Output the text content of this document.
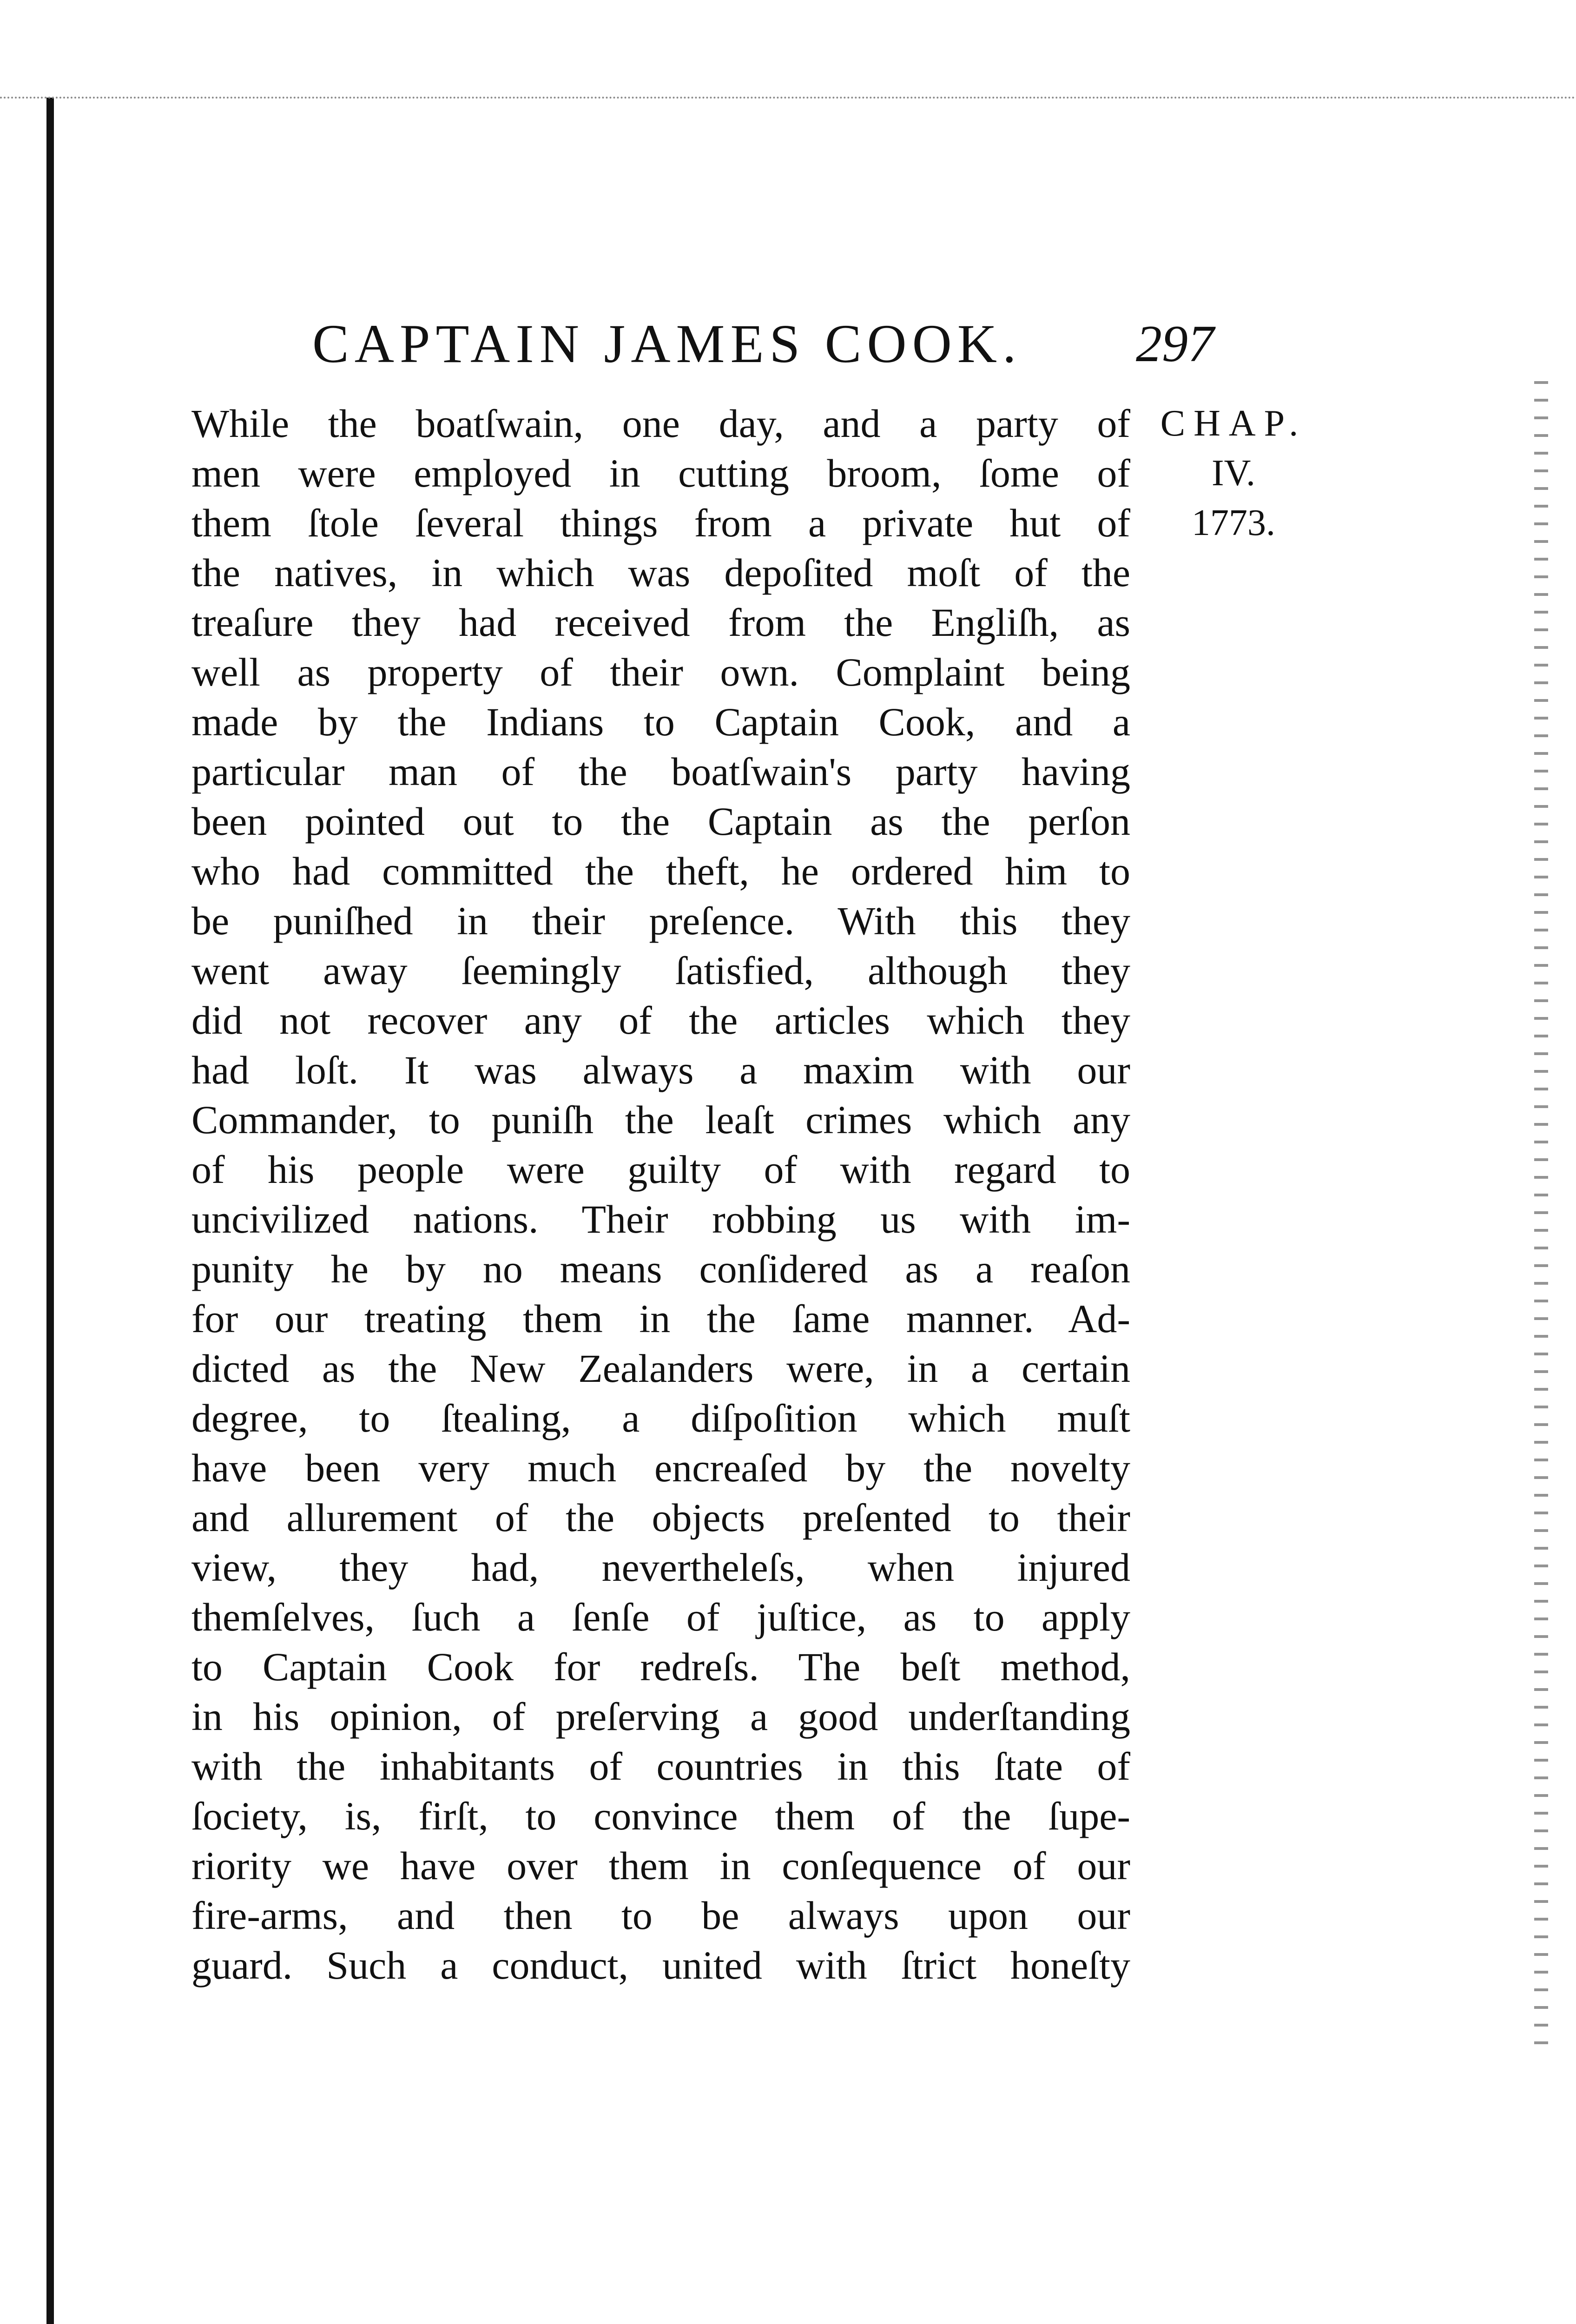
CAPTAIN JAMES COOK. 297
While the boatſwain, one day, and a party of
men were employed in cutting broom, ſome of
them ſtole ſeveral things from a private hut of
the natives, in which was depoſited moſt of the
treaſure they had received from the Engliſh, as
well as property of their own. Complaint being
made by the Indians to Captain Cook, and a
particular man of the boatſwain's party having
been pointed out to the Captain as the perſon
who had committed the theft, he ordered him to
be puniſhed in their preſence. With this they
went away ſeemingly ſatisfied, although they
did not recover any of the articles which they
had loſt. It was always a maxim with our
Commander, to puniſh the leaſt crimes which any
of his people were guilty of with regard to
uncivilized nations. Their robbing us with im-
punity he by no means conſidered as a reaſon
for our treating them in the ſame manner. Ad-
dicted as the New Zealanders were, in a certain
degree, to ſtealing, a diſpoſition which muſt
have been very much encreaſed by the novelty
and allurement of the objects preſented to their
view, they had, nevertheleſs, when injured
themſelves, ſuch a ſenſe of juſtice, as to apply
to Captain Cook for redreſs. The beſt method,
in his opinion, of preſerving a good underſtanding
with the inhabitants of countries in this ſtate of
ſociety, is, firſt, to convince them of the ſupe-
riority we have over them in conſequence of our
fire-arms, and then to be always upon our
guard. Such a conduct, united with ſtrict honeſty
CHAP.
IV.
1773.
